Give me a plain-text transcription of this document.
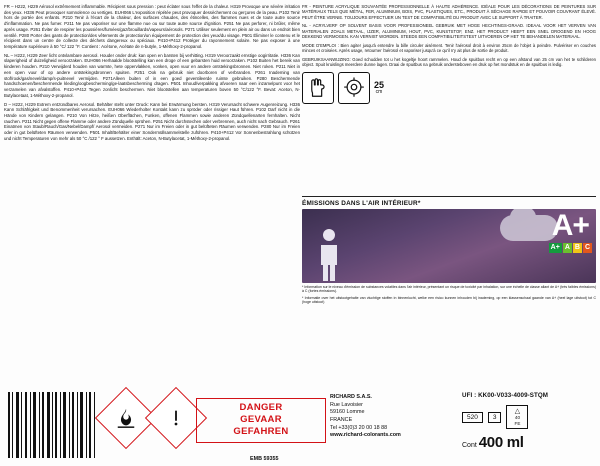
FR – H222, H229 Aérosol extrêmement inflammable. Récipient sous pression : peut éclater sous l'effet de la chaleur. H319 Provoque une sévère irritation des yeux. H336 Peut provoquer somnolence ou vertiges. EUH066 L'exposition répétée peut provoquer dessèchement ou gerçures de la peau. P102 Tenir hors de portée des enfants. P210 Tenir à l'écart de la chaleur, des surfaces chaudes, des étincelles, des flammes nues et de toute autre source d'inflammation. Ne pas fumer. P211 Ne pas vaporiser sur une flamme nue ou sur toute autre source d'ignition. P251 Ne pas perforer, ni brûler, même après usage. P261 Éviter de respirer les poussières/fumées/gaz/brouillards/vapeurs/aérosols. P271 Utiliser seulement en plein air ou dans un endroit bien ventilé. P280 Porter des gants de protection/des vêtements de protection/un équipement de protection des yeux/du visage. P501 Éliminer le contenu et le récipient dans un centre de collecte des déchets dangereux ou spéciaux. P410+P412 Protéger du rayonnement solaire. Ne pas exposer à une température supérieure à 50 °C/ 122 °F. Contient : Acétone, Acétate de n-butyle, 1-Méthoxy-2-propanol.
NL – H222, H229 Zeer licht ontvlambare aerosol. Houder onder druk: kan open en barsten bij verhitting. H319 Veroorzaakt ernstige oogirritatie. H336 Kan slaperigheid of duizeligheid veroorzaken. EUH066 Herhaalde blootstelling kan een droge of een gebarsten huid veroorzaken. P102 Buiten het bereik van kinderen houden. P210 Verwijderd houden van warmte, hete oppervlakken, vonken, open vuur en andere ontstekingsbronnen. Niet roken. P211 Niet in een open vuur of op andere ontstekingsbronnen spuiten. P251 Ook na gebruik niet doorboren of verbranden. P261 Inademing van stof/rook/gas/nevel/damp/s-puitnevel vermijden. P271Alleen buiten of in een goed geventileerde ruimte gebruiken. P280 Beschermende handschoenen/beschermende kleding/oogbescherming/ge-laatsbescherming dragen. P501 Inhoud/verpakking afvoeren naar een inzamelpunt voor het verzamelen van afvalstoffen. P410+P412 Tegen zonlicht beschermen. Niet blootstellen aan temperaturen boven 50 °C/122 °F. Bevat: Aceton, N-Butylacetaat, 1-Méthoxy-2-propanol.
D – H222, H229 Extrem entzündbares Aerosol. Behälter steht unter Druck: Kann bei Erwärmung bersten. H319 Verursacht schwere Augenreizung. H336 Kann Schläfrigkeit und Benommenheit verursachen. EUH066 Wiederholter Kontakt kann zu spröder oder rissiger Haut führen. P102 Darf nicht in die Hände von Kindern gelangen. P210 Von Hitze, heißen Oberflächen, Funken, offenen Flammen sowie anderen Zündquellenarten fernhalten. Nicht rauchen. P211 Nicht gegen offene Flamme oder andere Zündquelle sprühen. P251 Nicht durchstechen oder verbrennen, auch nicht nach Gebrauch. P261 Einatmen von Staub/Rauch/Gas/Nebel/Dampf/ Aerosol vermeiden. P271 Nur im Freien oder in gut belüfteten Räumen verwenden. P280 Nur im Freien oder in gut belüfteten Räumen verwenden. P501 Inhalt/Behälter einer Sondermüllsammelstelle zuführen. P410+P412 Vor Sonnenbestrahlung schützen und nicht Temperaturen von mehr als 50 °C /122 ° F aussetzen. Enthält: Aceton, N-Butylacetat, 1-Méthoxy-2-propanol.
FR - PEINTURE ACRYLIQUE SOUVANTÉE PROFESSIONNELLE À HAUTE ADHÉRENCE. IDÉALE POUR LES DÉCORATIONS DE PEINTURES SUR MATÉRIAUX TELS QUE MÉTAL, FER, ALUMINIUM, BOIS, PVC, PLASTIQUES, ETC., PRODUIT À SÉCHAGE RAPIDE ET POUVOIR COUVRANT ÉLEVÉ. PEUT ÊTRE VERNIE. TOUJOURS EFFECTUER UN TEST DE COMPATIBILITÉ DU PRODUIT AVEC LE SUPPORT À TRAITER.
NL - ACRYLVERF OP SOLVENT BASIS VOOR PROFESSIONEEL GEBRUIK MET HOGE HECHTINGS-GRAAD. IDEAAL VOOR HET VERVEN VAN MATERIALEN ZOALS METAAL, IJZER, ALUMINIUM, HOUT, PVC, KUNSTSTOF, ENZ. HET PRODUCT HEEFT EEN SNEL DROGEND EN HOOG DEKKEND VERMOGEN. KAN VERNIST WORDEN. STEEDS EEN COMPATIBILITEITSTEST UITVOEREN OP HET TE BEHANDELEN MATERIAAL.
MODE D'EMPLOI : Bien agiter jusqu'à entendre la bille circuler aisément. Tenir l'aérosol droit à environ 25cm de l'objet à peindre. Pulvériser en couches minces et croisées. Après usage, retourner l'aérosol et vaporiser jusqu'à ce qu'il n'y ait plus de sortie de produit.
GEBRUIKSAANWIJZING: Goed schudden tot u het kogeltje hoort rammelen. Houd de spuitbus recht en op een afstand van 25 cm van het te schilderen object. Spuit kruislings meerdere dunne lagen. Draai de spuitbus na gebruik ondersteboven en druk op het mondstuk en de spuitbus is ledig.
25
cm
ÉMISSIONS DANS L'AIR INTÉRIEUR*
A+
A+ A B C
* Information sur le niveau d'émission de substances volatiles dans l'air intérieur, présentant un risque de toxicité par inhalation, sur une échelle de classe allant de A+ (très faibles émissions) à C (fortes émissions).
* Informatie over het uitstootgehalte van vluchtige stoffen in binnenlucht, welke een risico kunnen inhouden bij inademing, op een klassenschaal gaande van A+ (heel lage uitstoot) tot C (hoge uitstoot)
DANGER
GEVAAR
GEFAHREN
RICHARD S.A.S.
Rue Lavoisier
59160 Lomme
FRANCE
Tel +33(0)3 20 00 18 88
www.richard-colorants.com
UFI : KK00-V033-4009-STQM
520	3
△
40
FE
Cont 400 ml
EMB 59355
